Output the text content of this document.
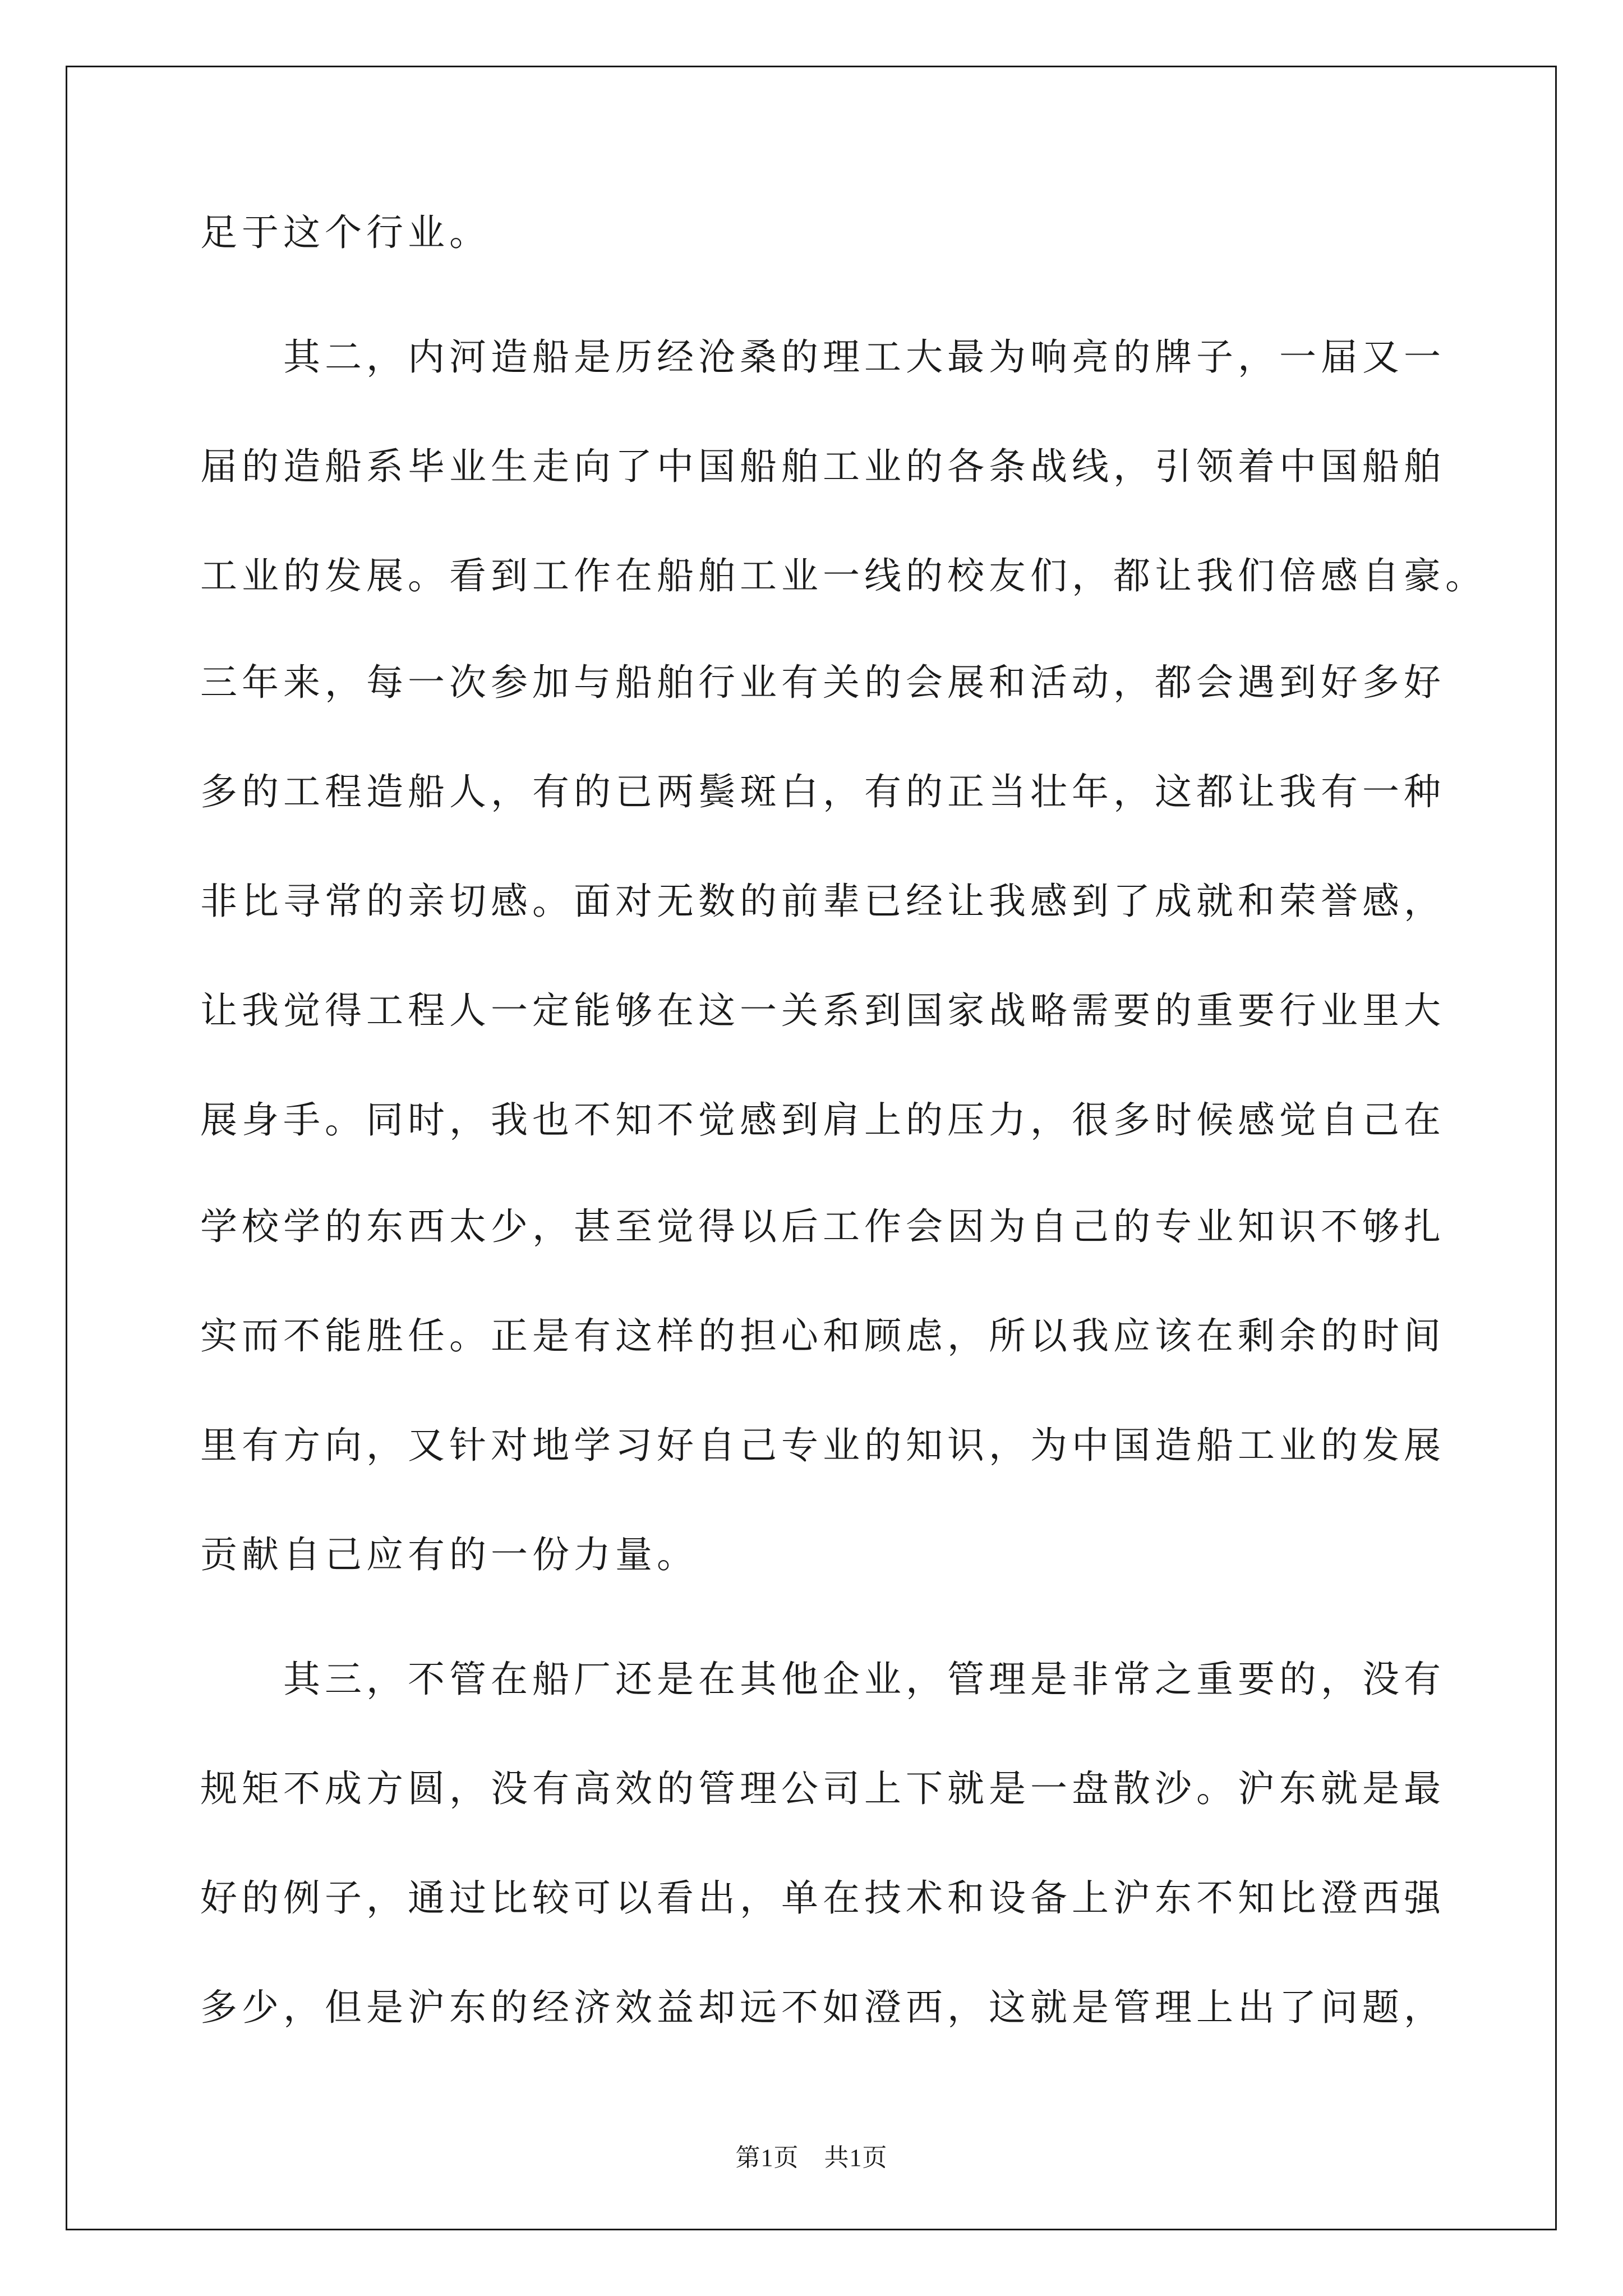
足于这个行业。
　　其二，内河造船是历经沧桑的理工大最为响亮的牌子，一届又一
届的造船系毕业生走向了中国船舶工业的各条战线，引领着中国船舶
工业的发展。看到工作在船舶工业一线的校友们，都让我们倍感自豪。
三年来，每一次参加与船舶行业有关的会展和活动，都会遇到好多好
多的工程造船人，有的已两鬓斑白，有的正当壮年，这都让我有一种
非比寻常的亲切感。面对无数的前辈已经让我感到了成就和荣誉感，
让我觉得工程人一定能够在这一关系到国家战略需要的重要行业里大
展身手。同时，我也不知不觉感到肩上的压力，很多时候感觉自己在
学校学的东西太少，甚至觉得以后工作会因为自己的专业知识不够扎
实而不能胜任。正是有这样的担心和顾虑，所以我应该在剩余的时间
里有方向，又针对地学习好自己专业的知识，为中国造船工业的发展
贡献自己应有的一份力量。
　　其三，不管在船厂还是在其他企业，管理是非常之重要的，没有
规矩不成方圆，没有高效的管理公司上下就是一盘散沙。沪东就是最
好的例子，通过比较可以看出，单在技术和设备上沪东不知比澄西强
多少，但是沪东的经济效益却远不如澄西，这就是管理上出了问题，
第1页　共1页
